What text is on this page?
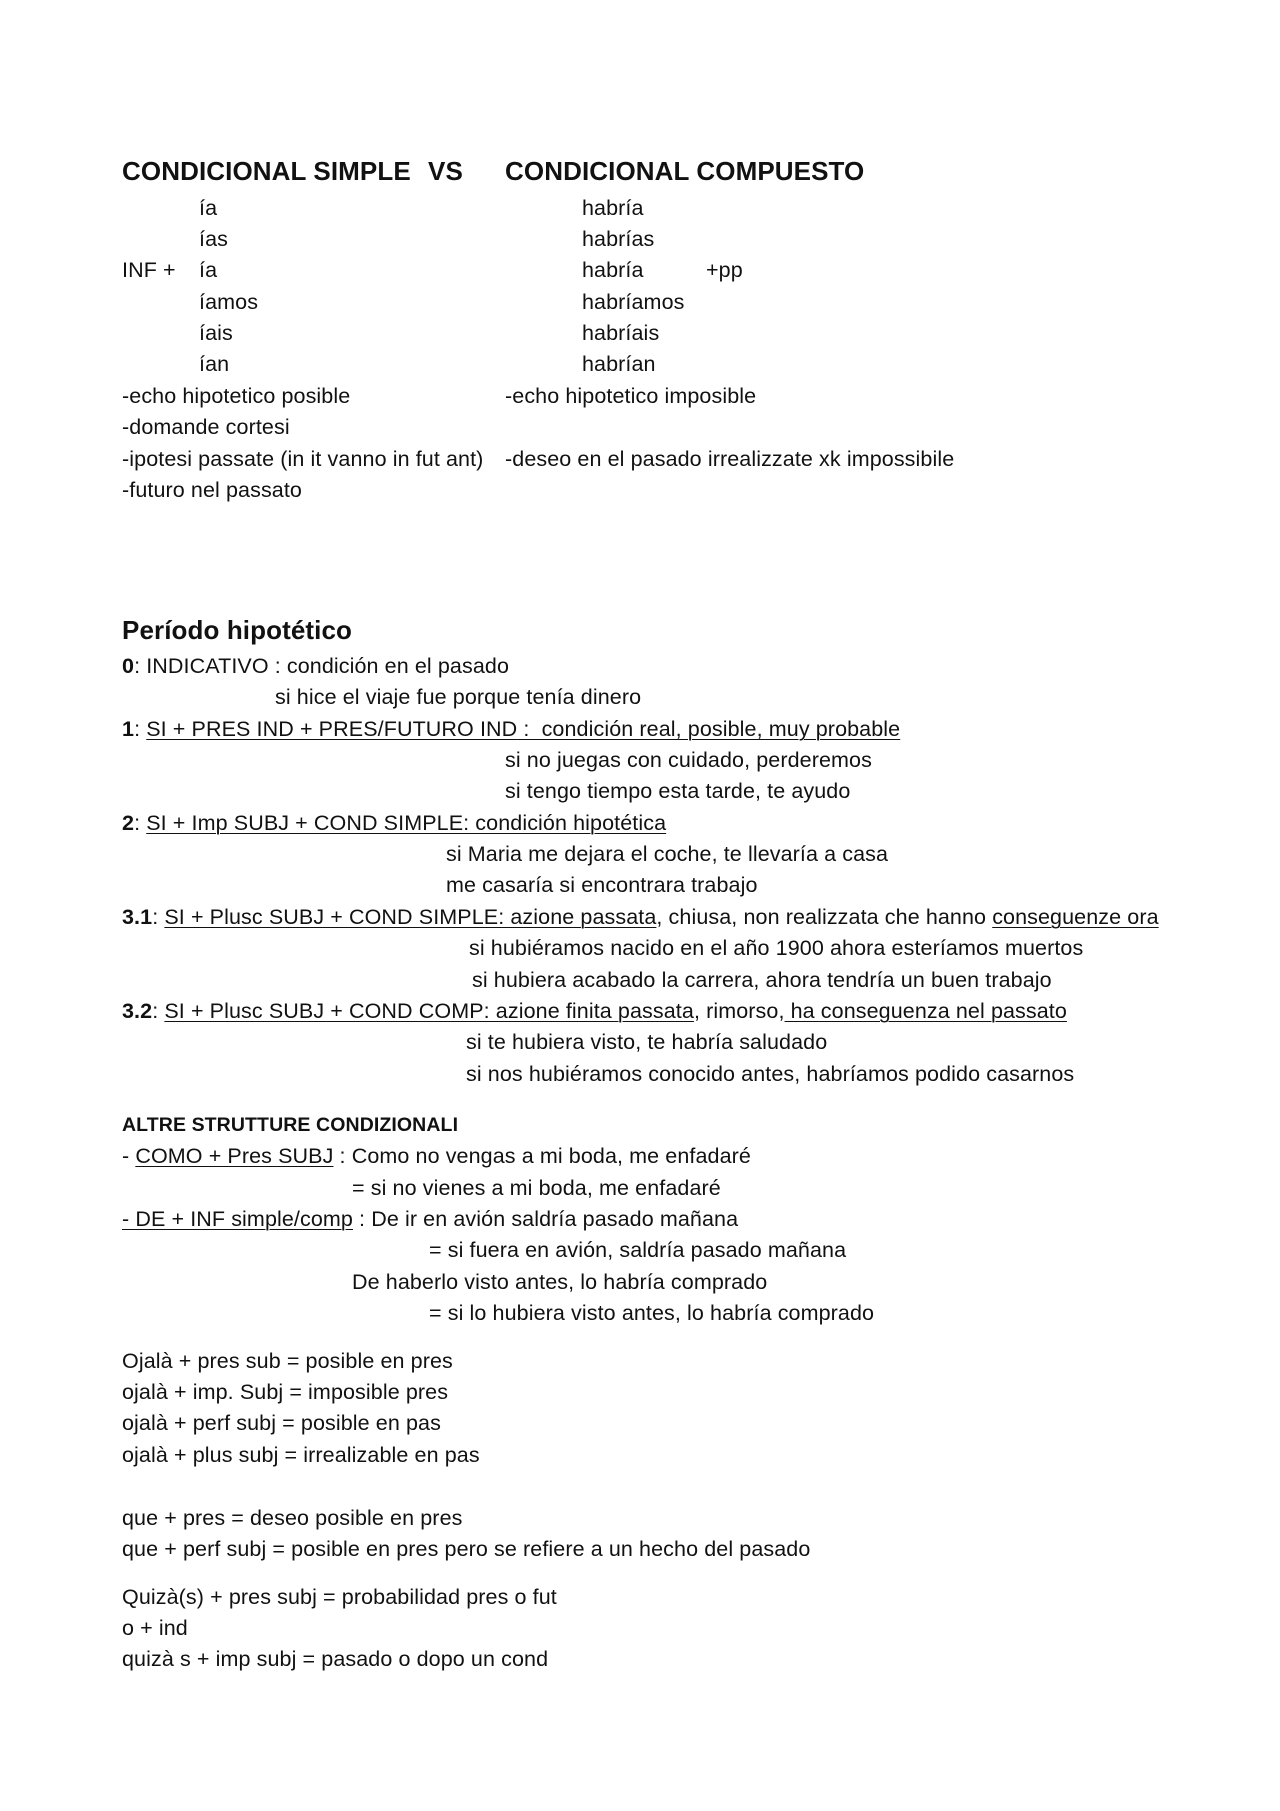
CONDICIONAL SIMPLE VS CONDICIONAL COMPUESTO
ía
ías
INF + ía
íamos
íais
ían
habría
habrías
habría	+pp
habríamos
habríais
habrían
-echo hipotetico posible
-domande cortesi
-ipotesi passate (in it vanno in fut ant)
-futuro nel passato
-echo hipotetico imposible
-deseo en el pasado irrealizzate xk impossibile
Período hipotético
0: INDICATIVO : condición en el pasado
si hice el viaje fue porque tenía dinero
1: SI + PRES IND + PRES/FUTURO IND :  condición real, posible, muy probable
si no juegas con cuidado, perderemos
si tengo tiempo esta tarde, te ayudo
2: SI + Imp SUBJ + COND SIMPLE: condición hipotética
si Maria me dejara el coche, te llevaría a casa
me casaría si encontrara trabajo
3.1: SI + Plusc SUBJ + COND SIMPLE: azione passata, chiusa, non realizzata che hanno conseguenze ora
si hubiéramos nacido en el año 1900 ahora esteríamos muertos
si hubiera acabado la carrera, ahora tendría un buen trabajo
3.2: SI + Plusc SUBJ + COND COMP: azione finita passata, rimorso, ha conseguenza nel passato
si te hubiera visto, te habría saludado
si nos hubiéramos conocido antes, habríamos podido casarnos
ALTRE STRUTTURE CONDIZIONALI
- COMO + Pres SUBJ : Como no vengas a mi boda, me enfadaré
= si no vienes a mi boda, me enfadaré
- DE + INF simple/comp : De ir en avión saldría pasado mañana
= si fuera en avión, saldría pasado mañana
De haberlo visto antes, lo habría comprado
= si lo hubiera visto antes, lo habría comprado
Ojalà + pres sub = posible en pres
ojalà + imp. Subj = imposible pres
ojalà + perf subj = posible en pas
ojalà + plus subj = irrealizable en pas
que + pres = deseo posible en pres
que + perf subj = posible en pres pero se refiere a un hecho del pasado
Quizà(s) + pres subj = probabilidad pres o fut
o + ind
quizà s + imp subj = pasado o dopo un cond
